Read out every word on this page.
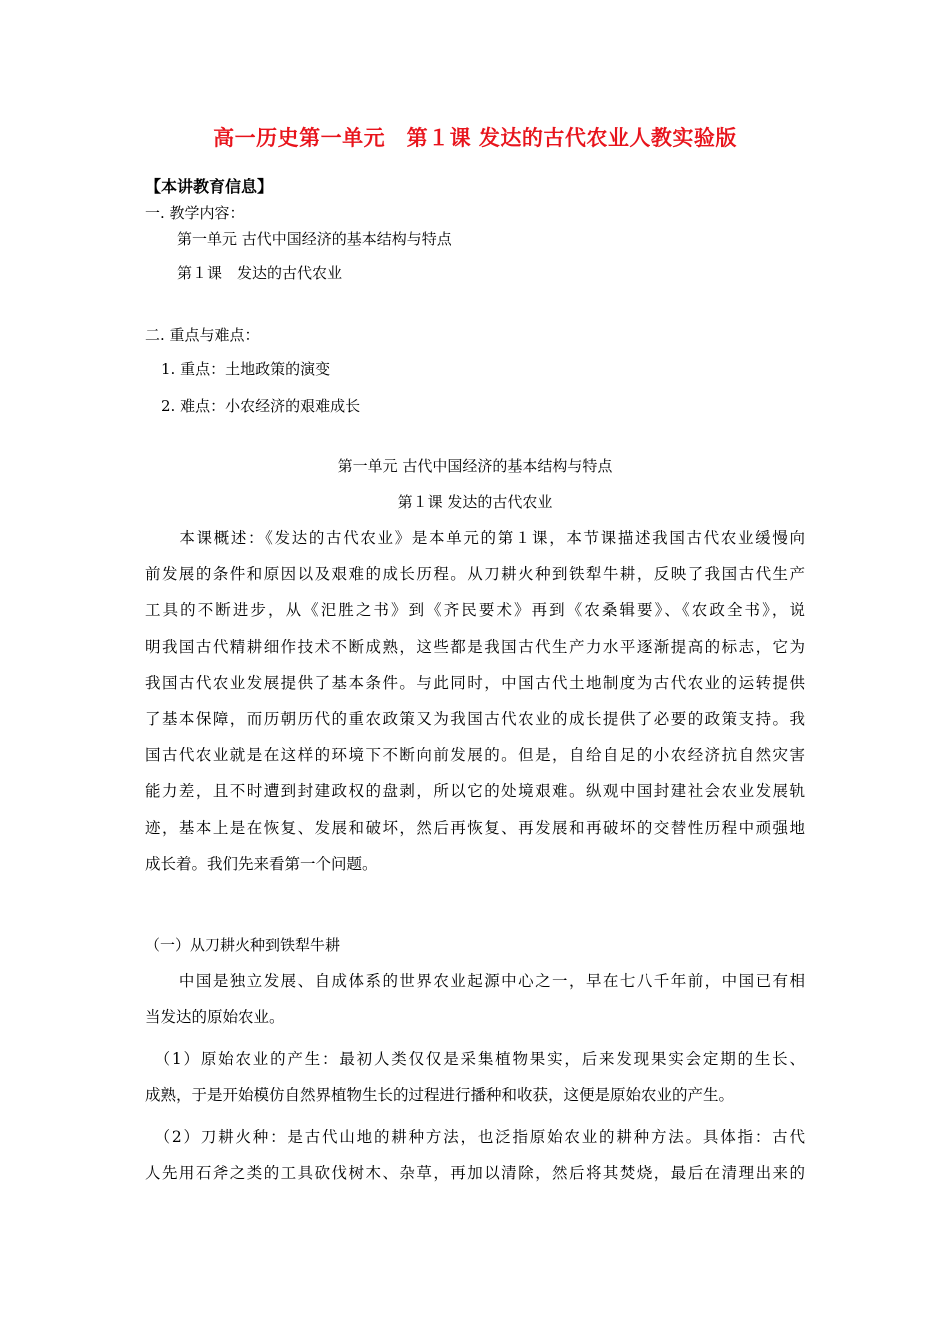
高一历史第一单元　第１课 发达的古代农业人教实验版
【本讲教育信息】
一. 教学内容：
第一单元 古代中国经济的基本结构与特点
第１课　发达的古代农业
二. 重点与难点：
1. 重点：土地政策的演变
2. 难点：小农经济的艰难成长
第一单元 古代中国经济的基本结构与特点
第１课 发达的古代农业
　　本课概述：《发达的古代农业》是本单元的第１课，本节课描述我国古代农业缓慢向
前发展的条件和原因以及艰难的成长历程。从刀耕火种到铁犁牛耕，反映了我国古代生产
工具的不断进步，从《汜胜之书》到《齐民要术》再到《农桑辑要》、《农政全书》，说
明我国古代精耕细作技术不断成熟，这些都是我国古代生产力水平逐渐提高的标志，它为
我国古代农业发展提供了基本条件。与此同时，中国古代土地制度为古代农业的运转提供
了基本保障，而历朝历代的重农政策又为我国古代农业的成长提供了必要的政策支持。我
国古代农业就是在这样的环境下不断向前发展的。但是，自给自足的小农经济抗自然灾害
能力差，且不时遭到封建政权的盘剥，所以它的处境艰难。纵观中国封建社会农业发展轨
迹，基本上是在恢复、发展和破坏，然后再恢复、再发展和再破坏的交替性历程中顽强地
成长着。我们先来看第一个问题。
（一）从刀耕火种到铁犁牛耕
　　中国是独立发展、自成体系的世界农业起源中心之一，早在七八千年前，中国已有相
当发达的原始农业。
　（1）原始农业的产生：最初人类仅仅是采集植物果实，后来发现果实会定期的生长、
成熟，于是开始模仿自然界植物生长的过程进行播种和收获，这便是原始农业的产生。
　（2）刀耕火种：是古代山地的耕种方法，也泛指原始农业的耕种方法。具体指：古代
人先用石斧之类的工具砍伐树木、杂草，再加以清除，然后将其焚烧，最后在清理出来的
